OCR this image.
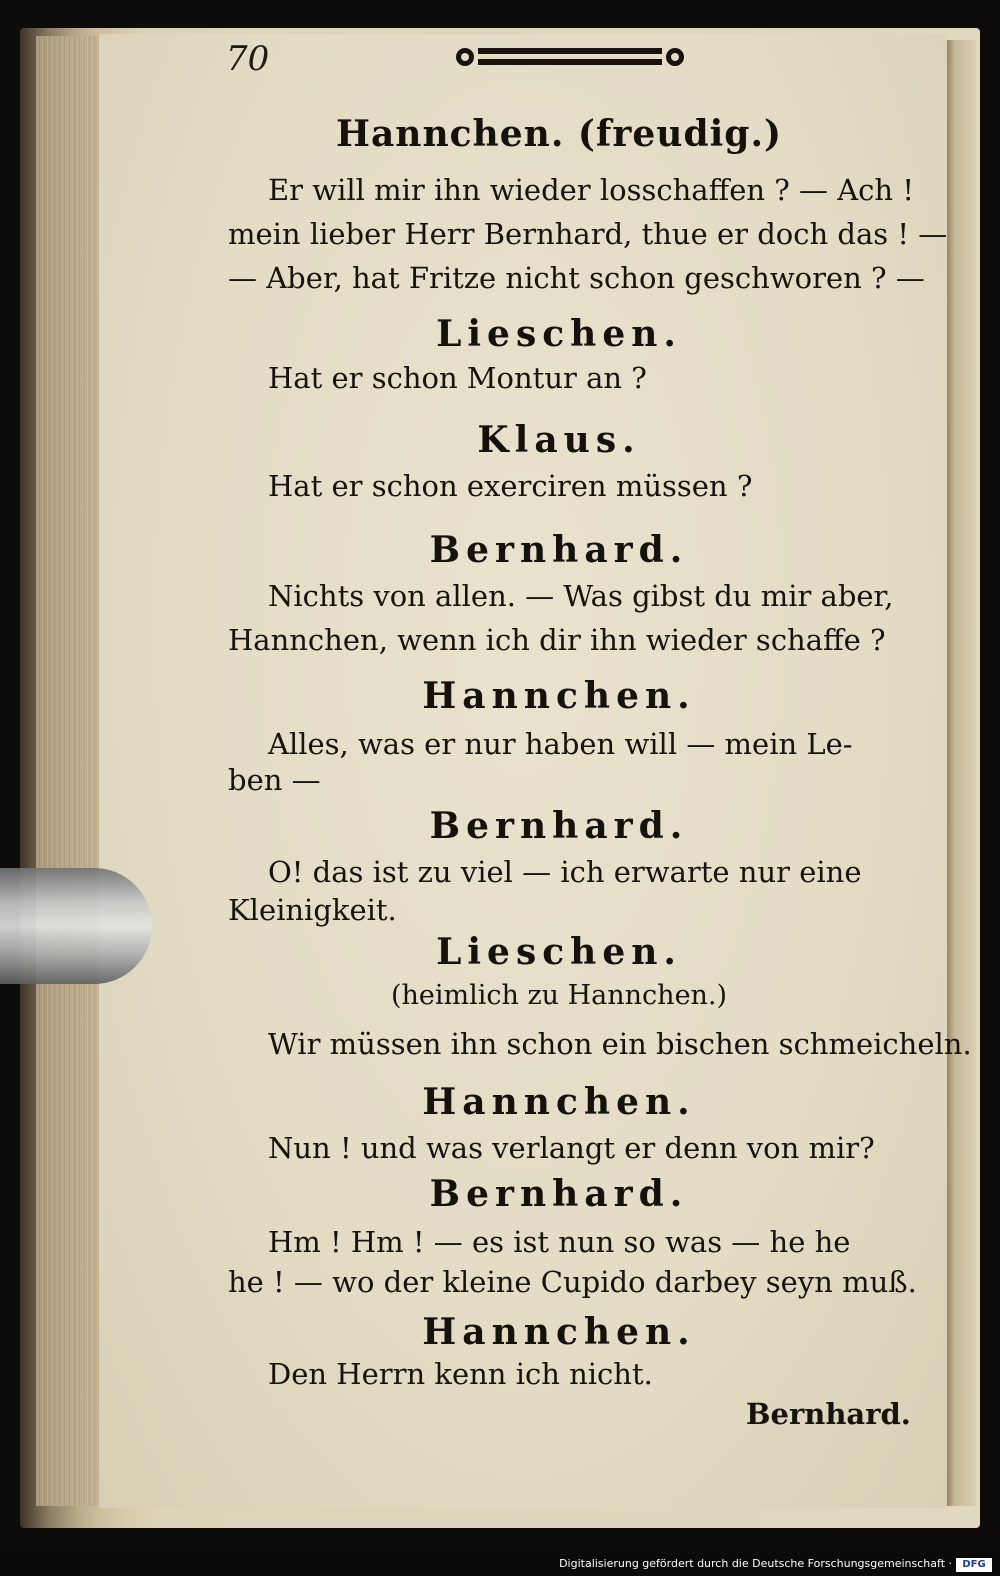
70
Hannchen. (freudig.)
Er will mir ihn wieder losschaffen ? — Ach !
mein lieber Herr Bernhard, thue er doch das ! —
— Aber, hat Fritze nicht schon geschworen ? —
Lieschen.
Hat er schon Montur an ?
Klaus.
Hat er schon exerciren müssen ?
Bernhard.
Nichts von allen. — Was gibst du mir aber,
Hannchen, wenn ich dir ihn wieder schaffe ?
Hannchen.
Alles, was er nur haben will — mein Le-
ben —
Bernhard.
O! das ist zu viel — ich erwarte nur eine
Kleinigkeit.
Lieschen.
(heimlich zu Hannchen.)
Wir müssen ihn schon ein bischen schmeicheln.
Hannchen.
Nun ! und was verlangt er denn von mir?
Bernhard.
Hm ! Hm ! — es ist nun so was — he he
he ! — wo der kleine Cupido darbey seyn muß.
Hannchen.
Den Herrn kenn ich nicht.
Bernhard.
Digitalisierung gefördert durch die Deutsche Forschungsgemeinschaft ·	DFG
